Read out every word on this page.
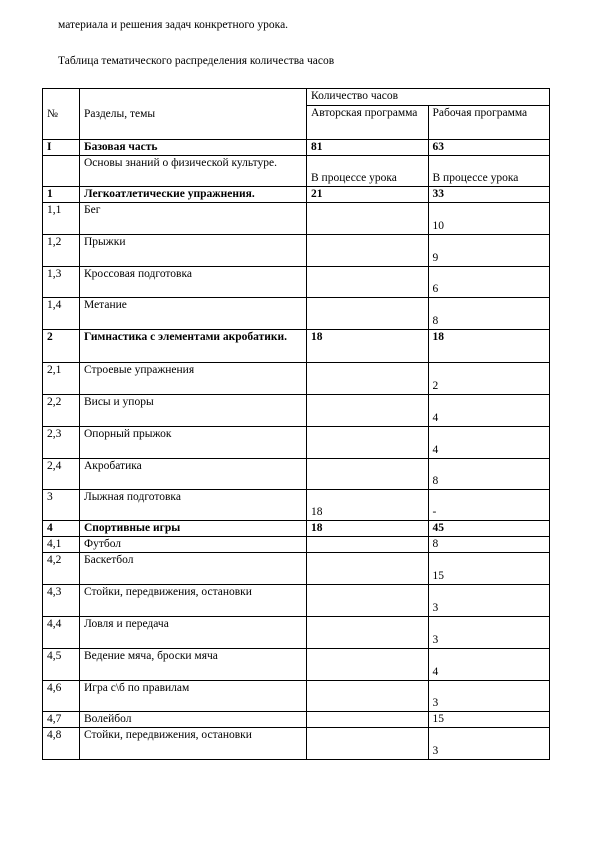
материала и решения задач конкретного урока.
Таблица тематического распределения количества часов
№	Разделы, темы	Количество часов	
		Авторская программа	Рабочая программа
I	Базовая часть	81	63
	Основы знаний о физической культуре.	В процессе урока	В процессе урока
1	Легкоатлетические упражнения.	21	33
1,1	Бег		10
1,2	Прыжки		9
1,3	Кроссовая подготовка		6
1,4	Метание		8
2	Гимнастика с элементами акробатики.	18	18
2,1	Строевые упражнения		2
2,2	Висы и упоры		4
2,3	Опорный прыжок		4
2,4	Акробатика		8
3	Лыжная подготовка	18	-
4	Спортивные игры	18	45
4,1	Футбол		8
4,2	Баскетбол		15
4,3	Стойки, передвижения, остановки		3
4,4	Ловля и передача		3
4,5	Ведение мяча, броски мяча		4
4,6	Игра с\б по правилам		3
4,7	Волейбол		15
4,8	Стойки, передвижения, остановки		3
